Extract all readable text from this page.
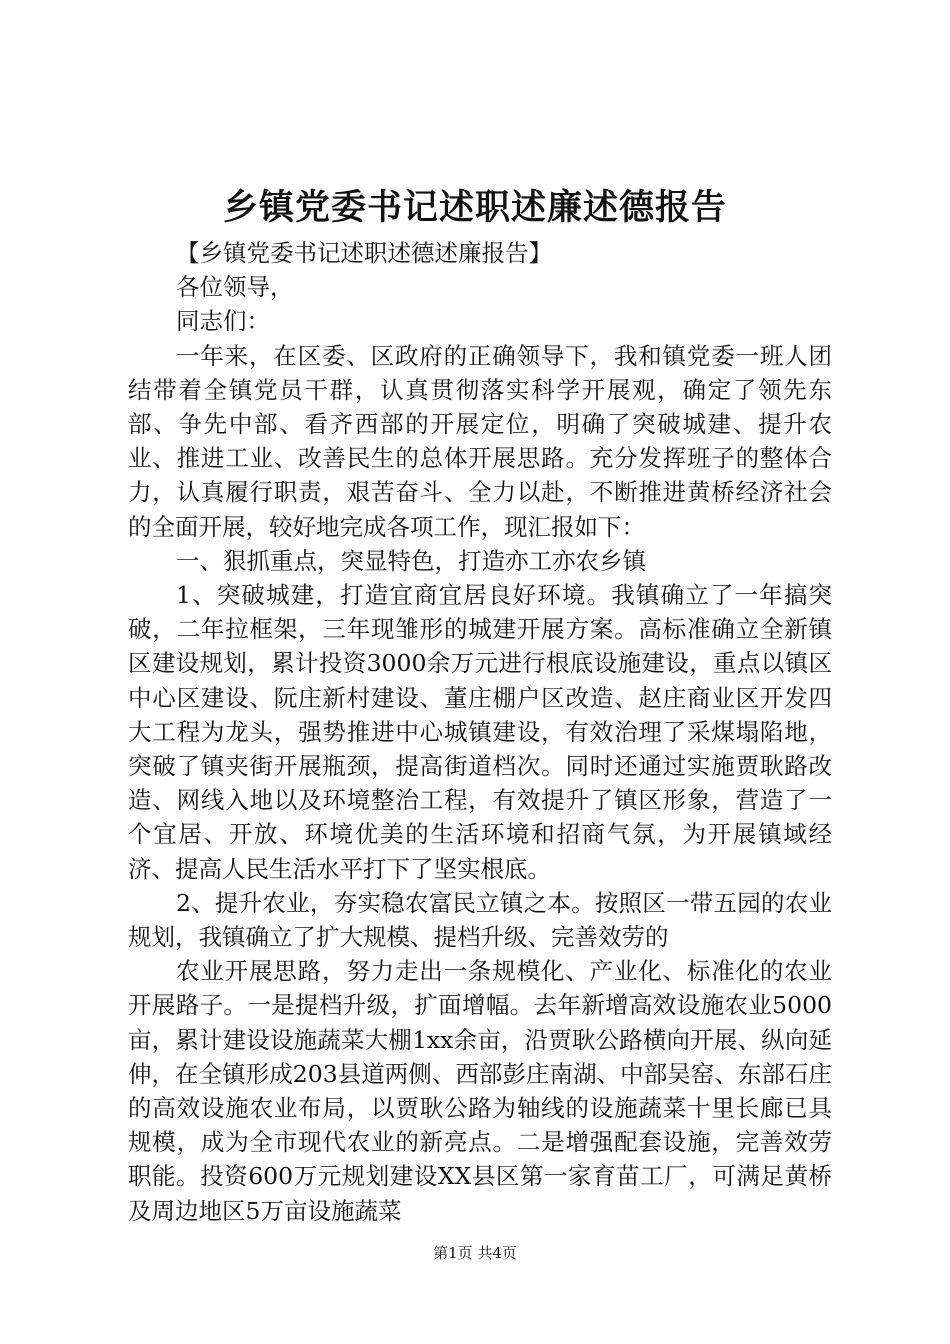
乡镇党委书记述职述廉述德报告

【乡镇党委书记述职述德述廉报告】

各位领导，

同志们：

一年来，在区委、区政府的正确领导下，我和镇党委一班人团结带着全镇党员干群，认真贯彻落实科学开展观，确定了领先东部、争先中部、看齐西部的开展定位，明确了突破城建、提升农业、推进工业、改善民生的总体开展思路。充分发挥班子的整体合力，认真履行职责，艰苦奋斗、全力以赴，不断推进黄桥经济社会的全面开展，较好地完成各项工作，现汇报如下：

一、狠抓重点，突显特色，打造亦工亦农乡镇

1、突破城建，打造宜商宜居良好环境。我镇确立了一年搞突破，二年拉框架，三年现雏形的城建开展方案。高标准确立全新镇区建设规划，累计投资3000余万元进行根底设施建设，重点以镇区中心区建设、阮庄新村建设、董庄棚户区改造、赵庄商业区开发四大工程为龙头，强势推进中心城镇建设，有效治理了采煤塌陷地，突破了镇夹街开展瓶颈，提高街道档次。同时还通过实施贾耿路改造、网线入地以及环境整治工程，有效提升了镇区形象，营造了一个宜居、开放、环境优美的生活环境和招商气氛，为开展镇域经济、提高人民生活水平打下了坚实根底。

2、提升农业，夯实稳农富民立镇之本。按照区一带五园的农业规划，我镇确立了扩大规模、提档升级、完善效劳的

农业开展思路，努力走出一条规模化、产业化、标准化的农业开展路子。一是提档升级，扩面增幅。去年新增高效设施农业5000亩，累计建设设施蔬菜大棚1xx余亩，沿贾耿公路横向开展、纵向延伸，在全镇形成203县道两侧、西部彭庄南湖、中部吴窑、东部石庄的高效设施农业布局，以贾耿公路为轴线的设施蔬菜十里长廊已具规模，成为全市现代农业的新亮点。二是增强配套设施，完善效劳职能。投资600万元规划建设XX县区第一家育苗工厂，可满足黄桥及周边地区5万亩设施蔬菜

第1页 共4页
